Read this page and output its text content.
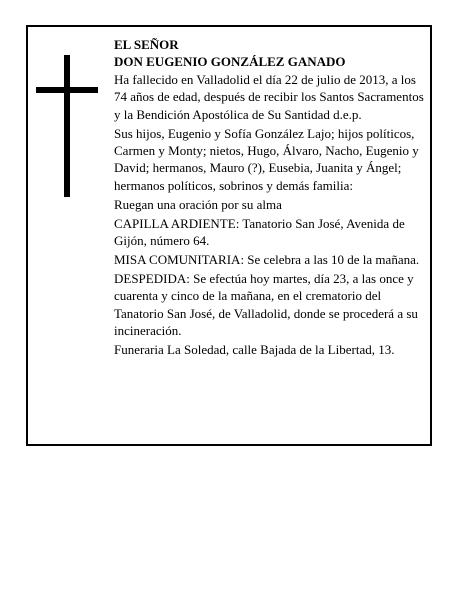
EL SEÑOR

DON EUGENIO GONZÁLEZ GANADO

Ha fallecido en Valladolid el día 22 de julio de 2013, a los 74 años de edad, después de recibir los Santos Sacramentos y la Bendición Apostólica de Su Santidad d.e.p.

Sus hijos, Eugenio y Sofía González Lajo; hijos políticos, Carmen y Monty; nietos, Hugo, Álvaro, Nacho, Eugenio y David; hermanos, Mauro (?), Eusebia, Juanita y Ángel; hermanos políticos, sobrinos y demás familia:

Ruegan una oración por su alma

CAPILLA ARDIENTE: Tanatorio San José, Avenida de Gijón, número 64.

MISA COMUNITARIA: Se celebra a las 10 de la mañana.

DESPEDIDA: Se efectúa hoy martes, día 23, a las once y cuarenta y cinco de la mañana, en el crematorio del Tanatorio San José, de Valladolid, donde se procederá a su incineración.

Funeraria La Soledad, calle Bajada de la Libertad, 13.
